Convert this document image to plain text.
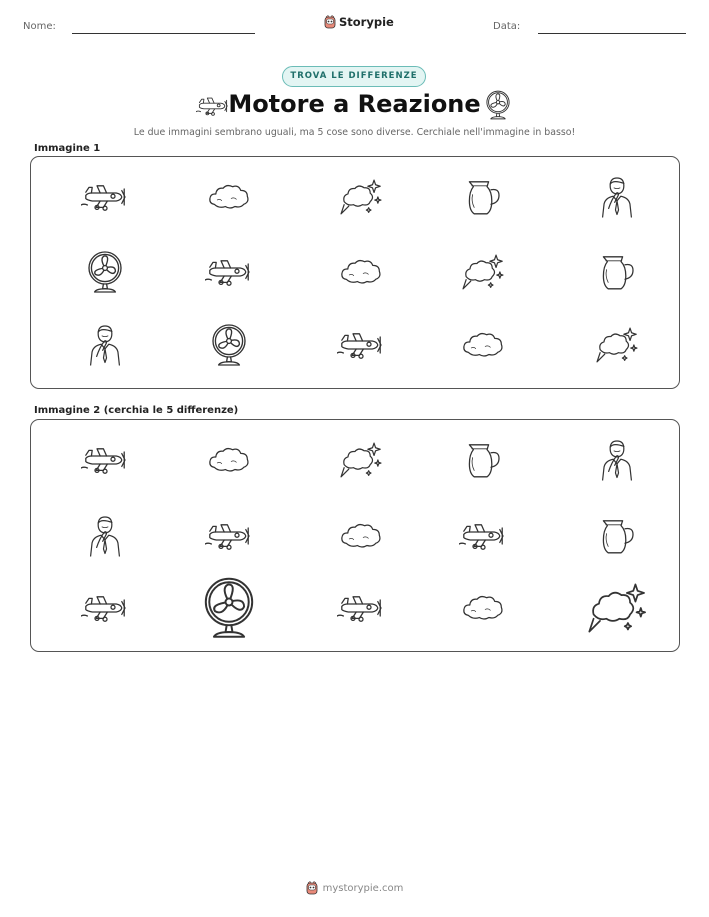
Nome:	Storypie	Data:
TROVA LE DIFFERENZE
Motore a Reazione
Le due immagini sembrano uguali, ma 5 cose sono diverse. Cerchiale nell'immagine in basso!
Immagine 1
Immagine 2 (cerchia le 5 differenze)
mystorypie.com
